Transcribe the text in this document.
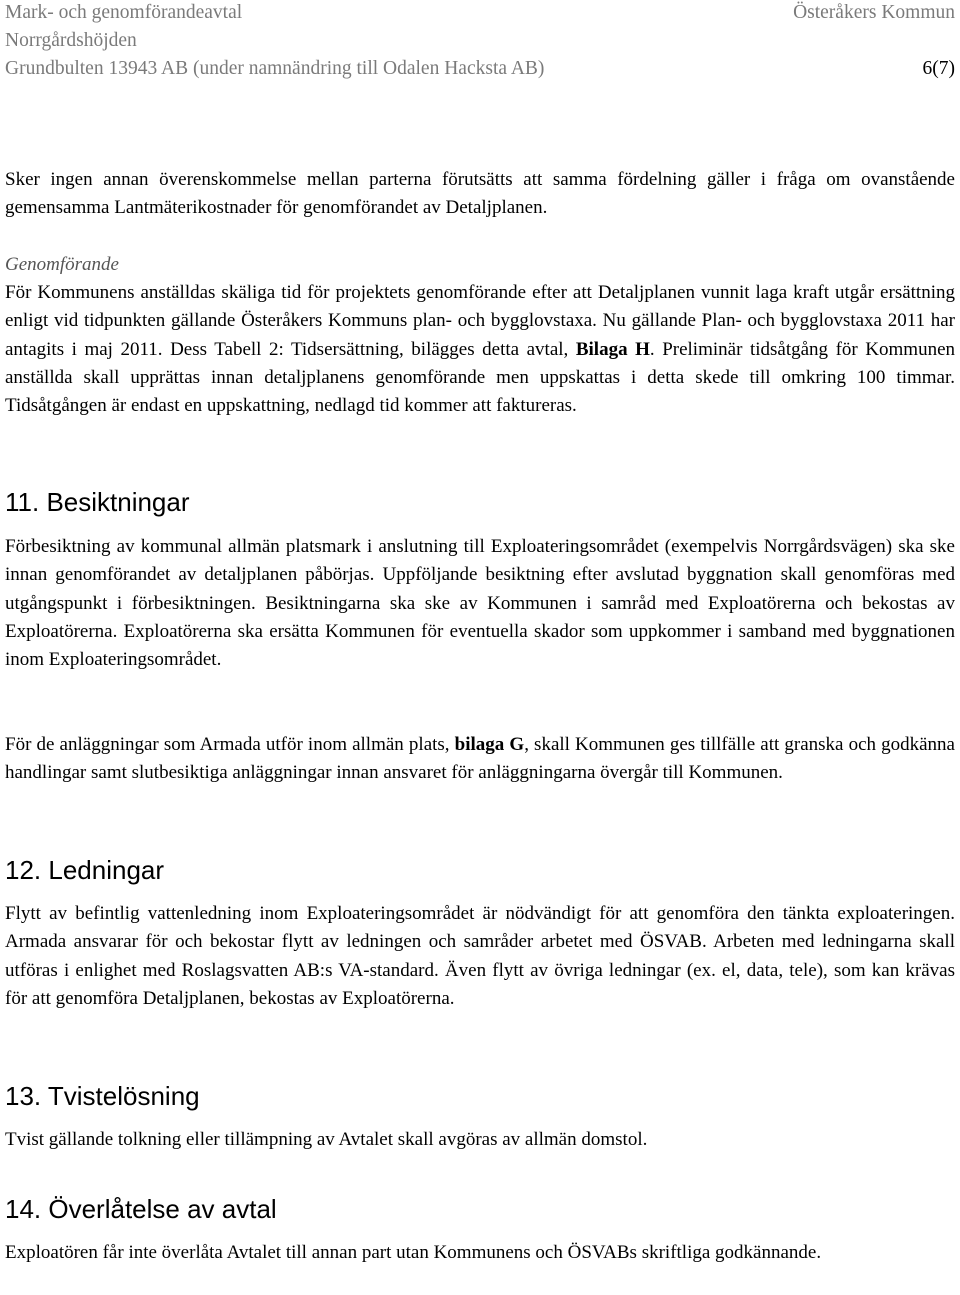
Mark- och genomförandeavtal	Österåkers Kommun
Norrgårdshöjden
Grundbulten 13943 AB (under namnändring till Odalen Hacksta AB)	6(7)

Sker ingen annan överenskommelse mellan parterna förutsätts att samma fördelning gäller i fråga om ovanstående gemensamma Lantmäterikostnader för genomförandet av Detaljplanen.

Genomförande

För Kommunens anställdas skäliga tid för projektets genomförande efter att Detaljplanen vunnit laga kraft utgår ersättning enligt vid tidpunkten gällande Österåkers Kommuns plan- och bygglovstaxa. Nu gällande Plan- och bygglovstaxa 2011 har antagits i maj 2011. Dess Tabell 2: Tidsersättning, bilägges detta avtal, Bilaga H. Preliminär tidsåtgång för Kommunen anställda skall upprättas innan detaljplanens genomförande men uppskattas i detta skede till omkring 100 timmar. Tidsåtgången är endast en uppskattning, nedlagd tid kommer att faktureras.

11. Besiktningar

Förbesiktning av kommunal allmän platsmark i anslutning till Exploateringsområdet (exempelvis Norrgårdsvägen) ska ske innan genomförandet av detaljplanen påbörjas. Uppföljande besiktning efter avslutad byggnation skall genomföras med utgångspunkt i förbesiktningen. Besiktningarna ska ske av Kommunen i samråd med Exploatörerna och bekostas av Exploatörerna. Exploatörerna ska ersätta Kommunen för eventuella skador som uppkommer i samband med byggnationen inom Exploateringsområdet.

För de anläggningar som Armada utför inom allmän plats, bilaga G, skall Kommunen ges tillfälle att granska och godkänna handlingar samt slutbesiktiga anläggningar innan ansvaret för anläggningarna övergår till Kommunen.

12. Ledningar

Flytt av befintlig vattenledning inom Exploateringsområdet är nödvändigt för att genomföra den tänkta exploateringen. Armada ansvarar för och bekostar flytt av ledningen och samråder arbetet med ÖSVAB. Arbeten med ledningarna skall utföras i enlighet med Roslagsvatten AB:s VA-standard. Även flytt av övriga ledningar (ex. el, data, tele), som kan krävas för att genomföra Detaljplanen, bekostas av Exploatörerna.

13. Tvistelösning

Tvist gällande tolkning eller tillämpning av Avtalet skall avgöras av allmän domstol.

14. Överlåtelse av avtal

Exploatören får inte överlåta Avtalet till annan part utan Kommunens och ÖSVABs skriftliga godkännande.
